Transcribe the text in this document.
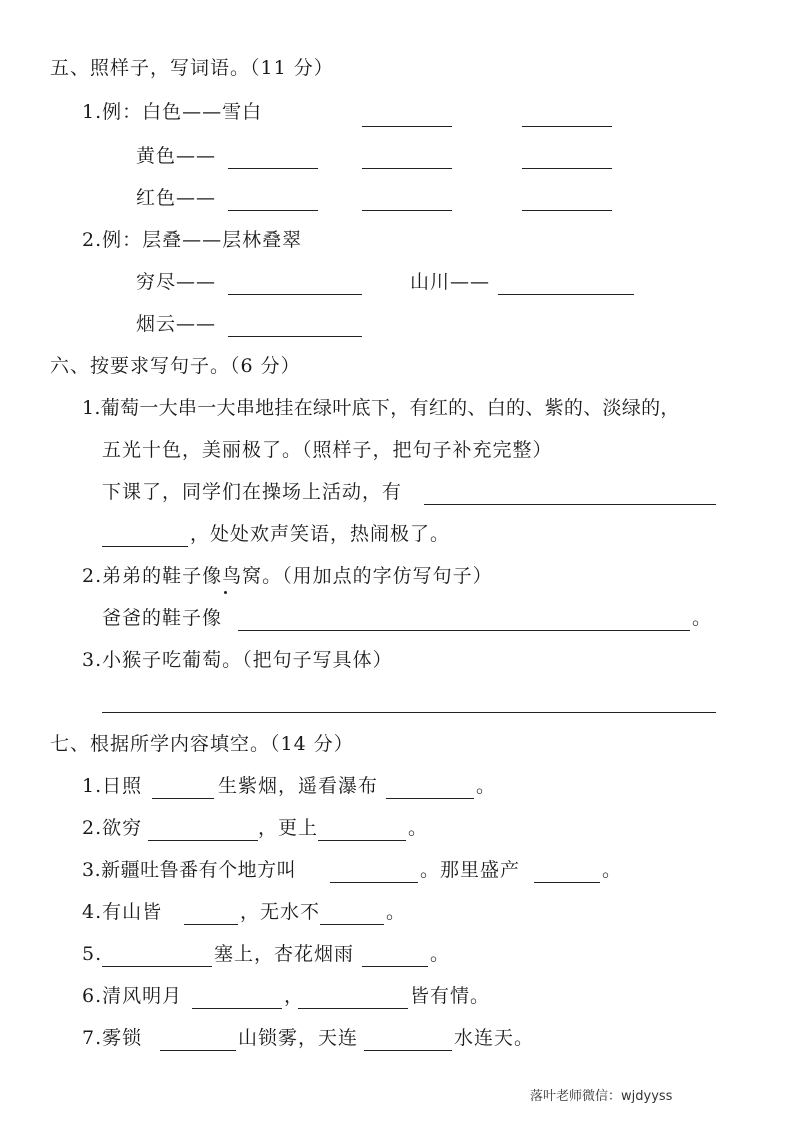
五、照样子，写词语。（11 分）
1.例：白色——雪白
黄色——
红色——
2.例：层叠——层林叠翠
穷尽——	山川——
烟云——
六、按要求写句子。（6 分）
1.葡萄一大串一大串地挂在绿叶底下，有红的、白的、紫的、淡绿的，
五光十色，美丽极了。（照样子，把句子补充完整）
下课了，同学们在操场上活动，有
，处处欢声笑语，热闹极了。
2.弟弟的鞋子像鸟窝。（用加点的字仿写句子）
爸爸的鞋子像	。
3.小猴子吃葡萄。（把句子写具体）
七、根据所学内容填空。（14 分）
1.日照	生紫烟，遥看瀑布	。
2.欲穷	，更上	。
3.新疆吐鲁番有个地方叫	。那里盛产	。
4.有山皆	，无水不	。
5.	塞上，杏花烟雨	。
6.清风明月	，	皆有情。
7.雾锁	山锁雾，天连	水连天。
落叶老师微信：wjdyyss
